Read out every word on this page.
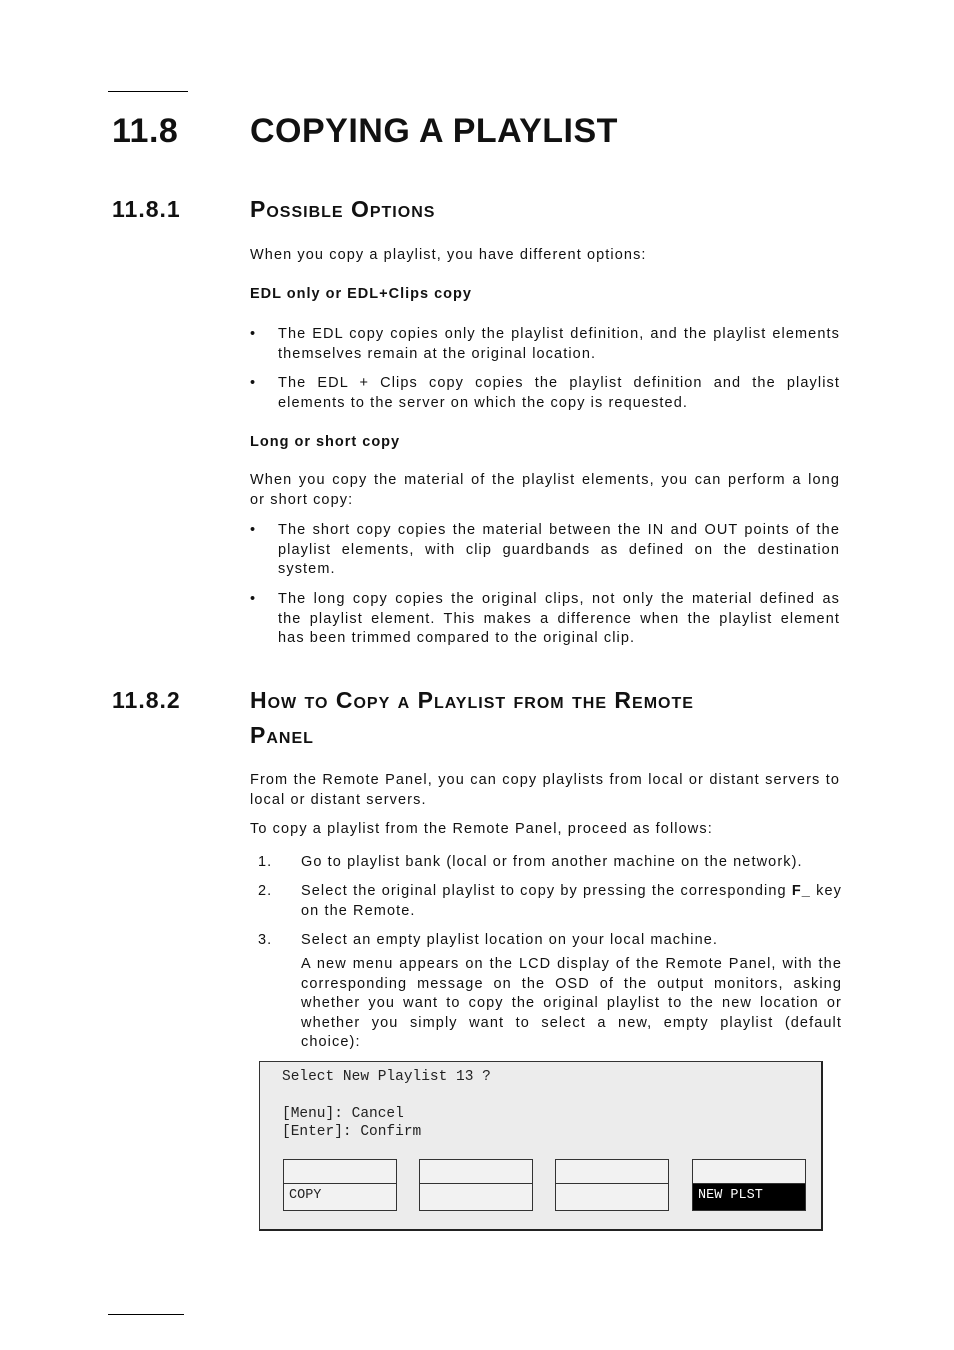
11.8 COPYING A PLAYLIST
11.8.1	Possible Options
When you copy a playlist, you have different options:
EDL only or EDL+Clips copy
• The EDL copy copies only the playlist definition, and the playlist elements themselves remain at the original location.
• The EDL + Clips copy copies the playlist definition and the playlist elements to the server on which the copy is requested.
Long or short copy
When you copy the material of the playlist elements, you can perform a long or short copy:
• The short copy copies the material between the IN and OUT points of the playlist elements, with clip guardbands as defined on the destination system.
• The long copy copies the original clips, not only the material defined as the playlist element. This makes a difference when the playlist element has been trimmed compared to the original clip.
11.8.2	How to Copy a Playlist from the Remote
Panel
From the Remote Panel, you can copy playlists from local or distant servers to local or distant servers.
To copy a playlist from the Remote Panel, proceed as follows:
1. Go to playlist bank (local or from another machine on the network).
2. Select the original playlist to copy by pressing the corresponding F_ key on the Remote.
3. Select an empty playlist location on your local machine.
A new menu appears on the LCD display of the Remote Panel, with the corresponding message on the OSD of the output monitors, asking whether you want to copy the original playlist to the new location or whether you simply want to select a new, empty playlist (default choice):
Select New Playlist 13 ?
[Menu]: Cancel
[Enter]: Confirm
COPY	NEW PLST
